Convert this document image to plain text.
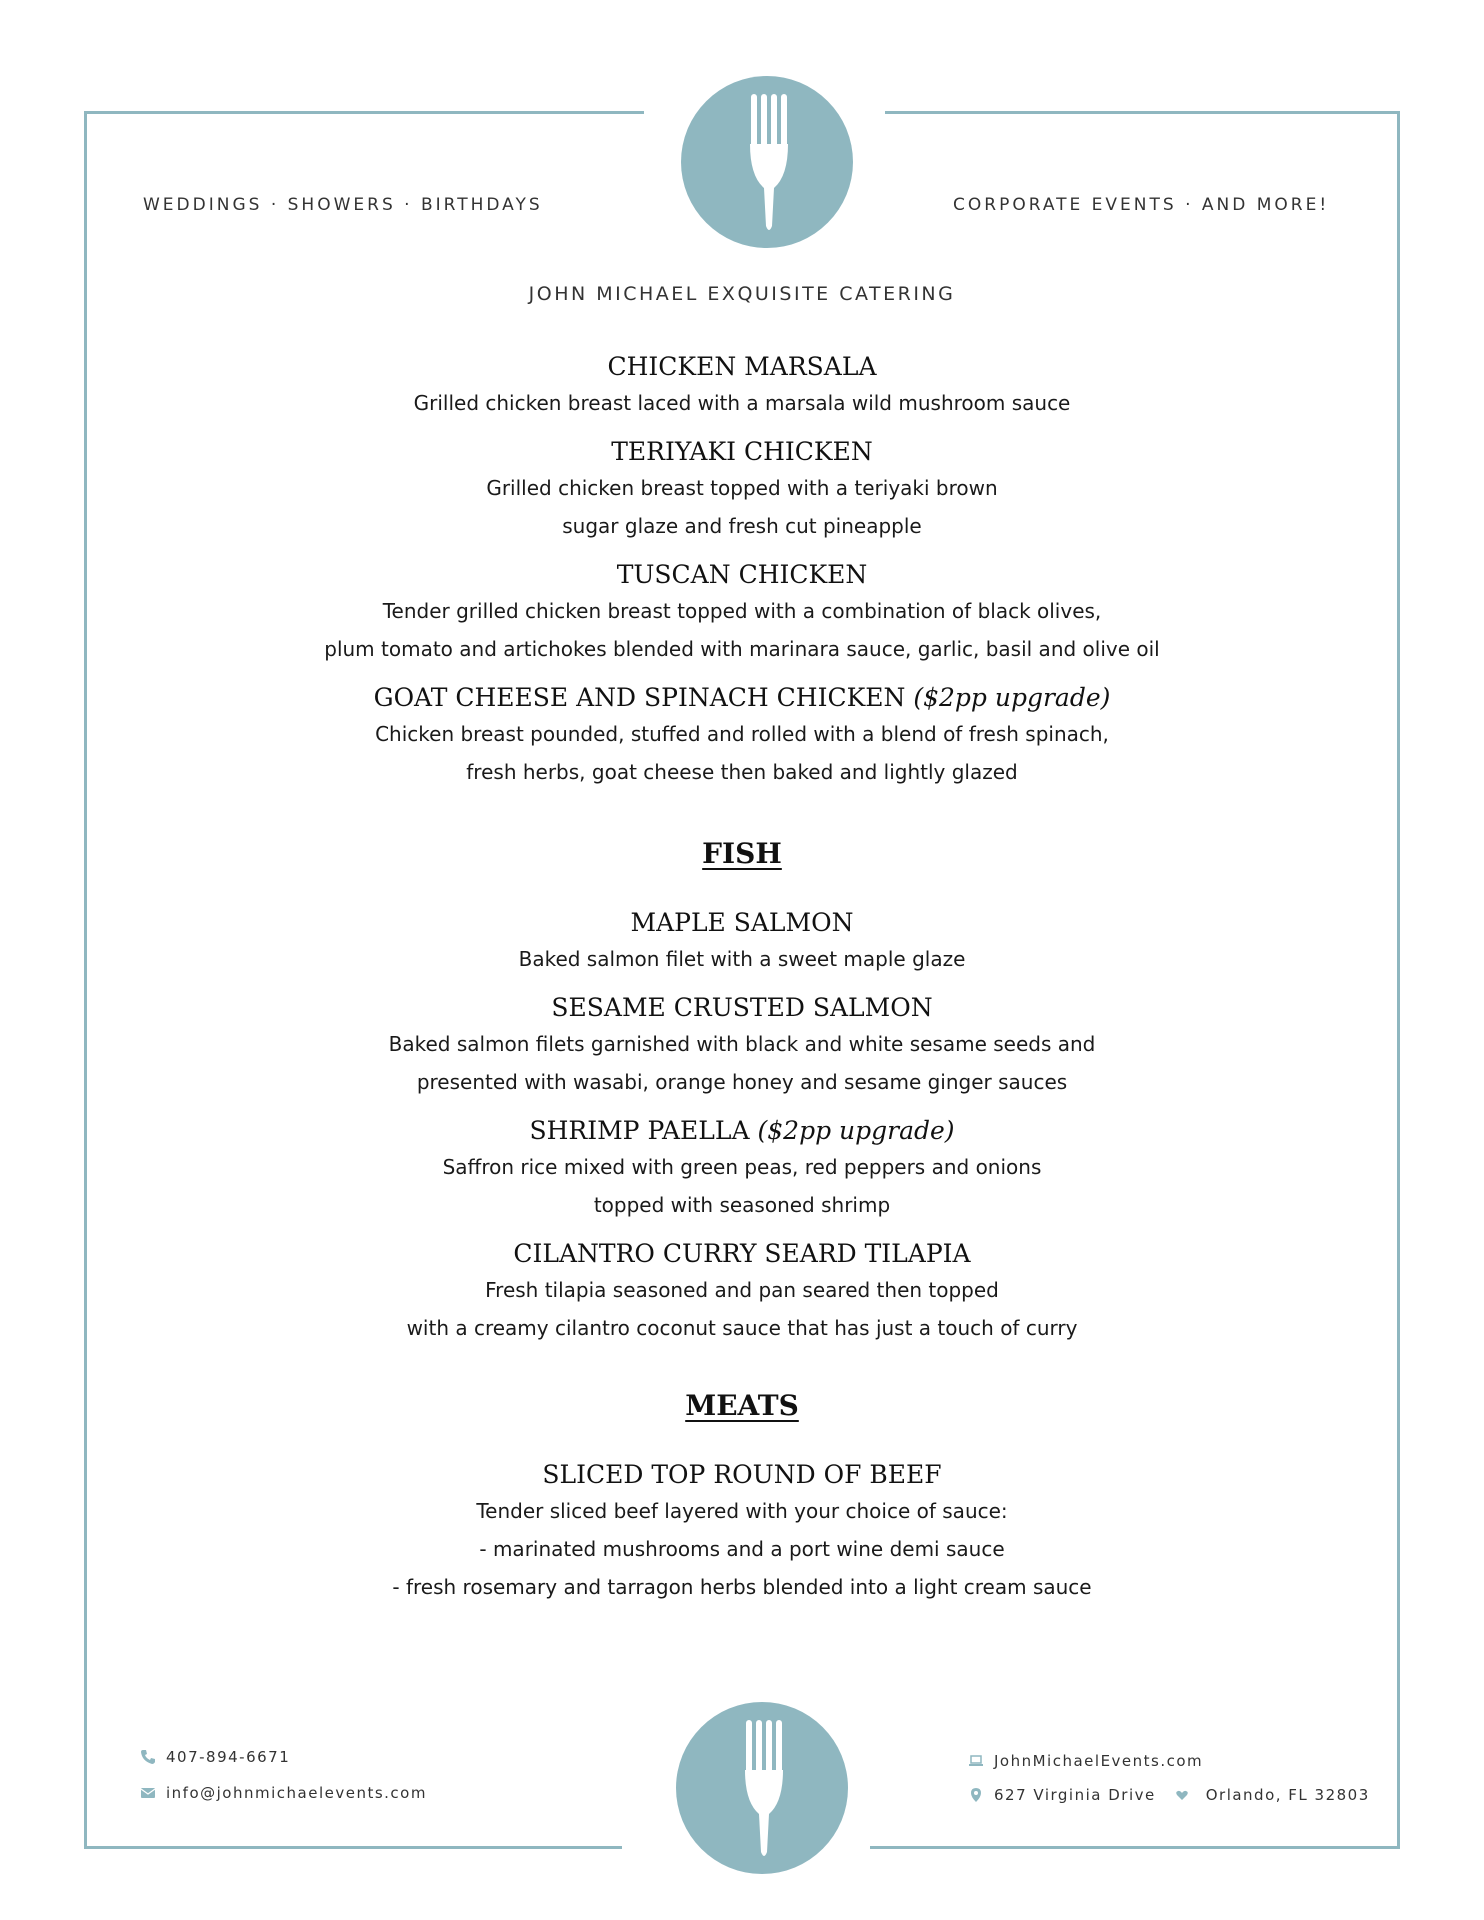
WEDDINGS · SHOWERS · BIRTHDAYS	CORPORATE EVENTS · AND MORE!
JOHN MICHAEL EXQUISITE CATERING

CHICKEN MARSALA

Grilled chicken breast laced with a marsala wild mushroom sauce

TERIYAKI CHICKEN

Grilled chicken breast topped with a teriyaki brown

sugar glaze and fresh cut pineapple

TUSCAN CHICKEN

Tender grilled chicken breast topped with a combination of black olives,

plum tomato and artichokes blended with marinara sauce, garlic, basil and olive oil

GOAT CHEESE AND SPINACH CHICKEN ($2pp upgrade)

Chicken breast pounded, stuffed and rolled with a blend of fresh spinach,

fresh herbs, goat cheese then baked and lightly glazed

FISH

MAPLE SALMON

Baked salmon filet with a sweet maple glaze

SESAME CRUSTED SALMON

Baked salmon filets garnished with black and white sesame seeds and

presented with wasabi, orange honey and sesame ginger sauces

SHRIMP PAELLA ($2pp upgrade)

Saffron rice mixed with green peas, red peppers and onions

topped with seasoned shrimp

CILANTRO CURRY SEARD TILAPIA

Fresh tilapia seasoned and pan seared then topped

with a creamy cilantro coconut sauce that has just a touch of curry

MEATS

SLICED TOP ROUND OF BEEF

Tender sliced beef layered with your choice of sauce:

- marinated mushrooms and a port wine demi sauce

- fresh rosemary and tarragon herbs blended into a light cream sauce

407-894-6671
info@johnmichaelevents.com
JohnMichaelEvents.com
627 Virginia Drive	Orlando, FL 32803
